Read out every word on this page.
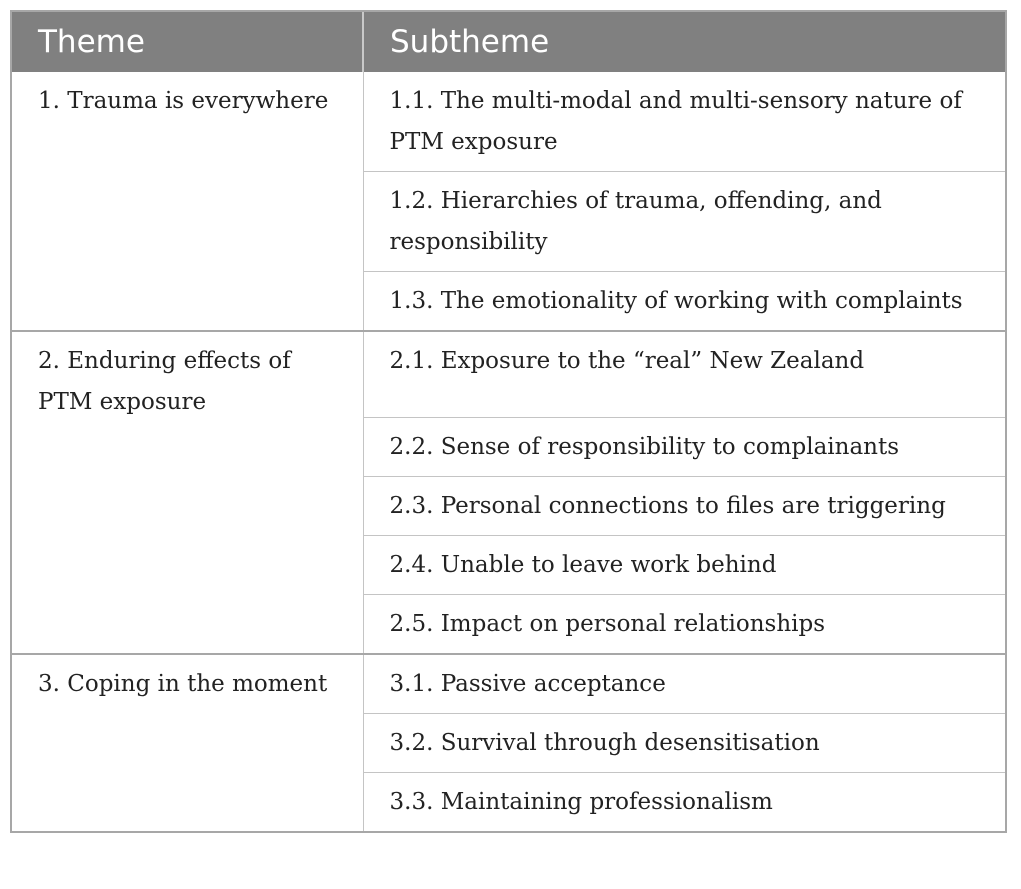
Theme	Subtheme
1. Trauma is everywhere	1.1. The multi-modal and multi-sensory nature of PTM exposure
	1.2. Hierarchies of trauma, offending, and responsibility
	1.3. The emotionality of working with complaints
2. Enduring effects of PTM exposure	2.1. Exposure to the “real” New Zealand
	2.2. Sense of responsibility to complainants
	2.3. Personal connections to files are triggering
	2.4. Unable to leave work behind
	2.5. Impact on personal relationships
3. Coping in the moment	3.1. Passive acceptance
	3.2. Survival through desensitisation
	3.3. Maintaining professionalism
